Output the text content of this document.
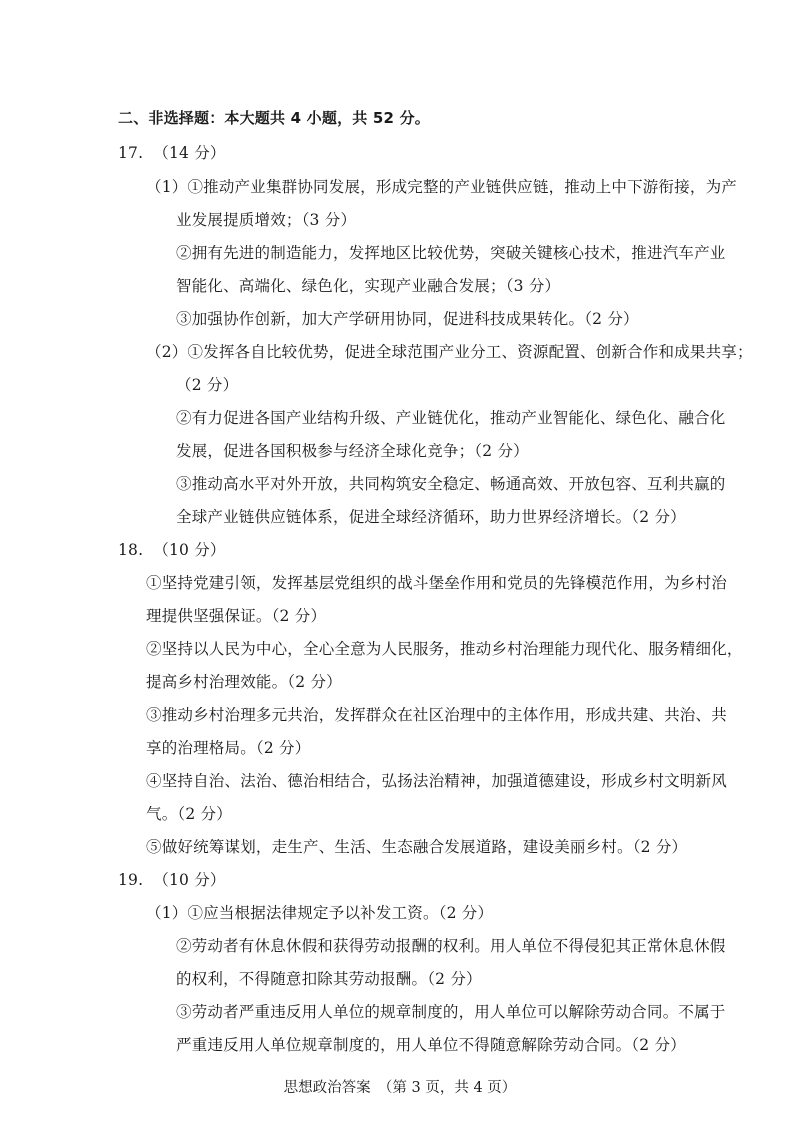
二、非选择题：本大题共 4 小题，共 52 分。
17. （14 分）
（1）①推动产业集群协同发展，形成完整的产业链供应链，推动上中下游衔接，为产
业发展提质增效；（3 分）
②拥有先进的制造能力，发挥地区比较优势，突破关键核心技术，推进汽车产业
智能化、高端化、绿色化，实现产业融合发展；（3 分）
③加强协作创新，加大产学研用协同，促进科技成果转化。（2 分）
（2）①发挥各自比较优势，促进全球范围产业分工、资源配置、创新合作和成果共享；
（2 分）
②有力促进各国产业结构升级、产业链优化，推动产业智能化、绿色化、融合化
发展，促进各国积极参与经济全球化竞争；（2 分）
③推动高水平对外开放，共同构筑安全稳定、畅通高效、开放包容、互利共赢的
全球产业链供应链体系，促进全球经济循环，助力世界经济增长。（2 分）
18. （10 分）
①坚持党建引领，发挥基层党组织的战斗堡垒作用和党员的先锋模范作用，为乡村治
理提供坚强保证。（2 分）
②坚持以人民为中心，全心全意为人民服务，推动乡村治理能力现代化、服务精细化，
提高乡村治理效能。（2 分）
③推动乡村治理多元共治，发挥群众在社区治理中的主体作用，形成共建、共治、共
享的治理格局。（2 分）
④坚持自治、法治、德治相结合，弘扬法治精神，加强道德建设，形成乡村文明新风
气。（2 分）
⑤做好统筹谋划，走生产、生活、生态融合发展道路，建设美丽乡村。（2 分）
19. （10 分）
（1）①应当根据法律规定予以补发工资。（2 分）
②劳动者有休息休假和获得劳动报酬的权利。用人单位不得侵犯其正常休息休假
的权利，不得随意扣除其劳动报酬。（2 分）
③劳动者严重违反用人单位的规章制度的，用人单位可以解除劳动合同。不属于
严重违反用人单位规章制度的，用人单位不得随意解除劳动合同。（2 分）
思想政治答案　（第 3 页，共 4 页）
